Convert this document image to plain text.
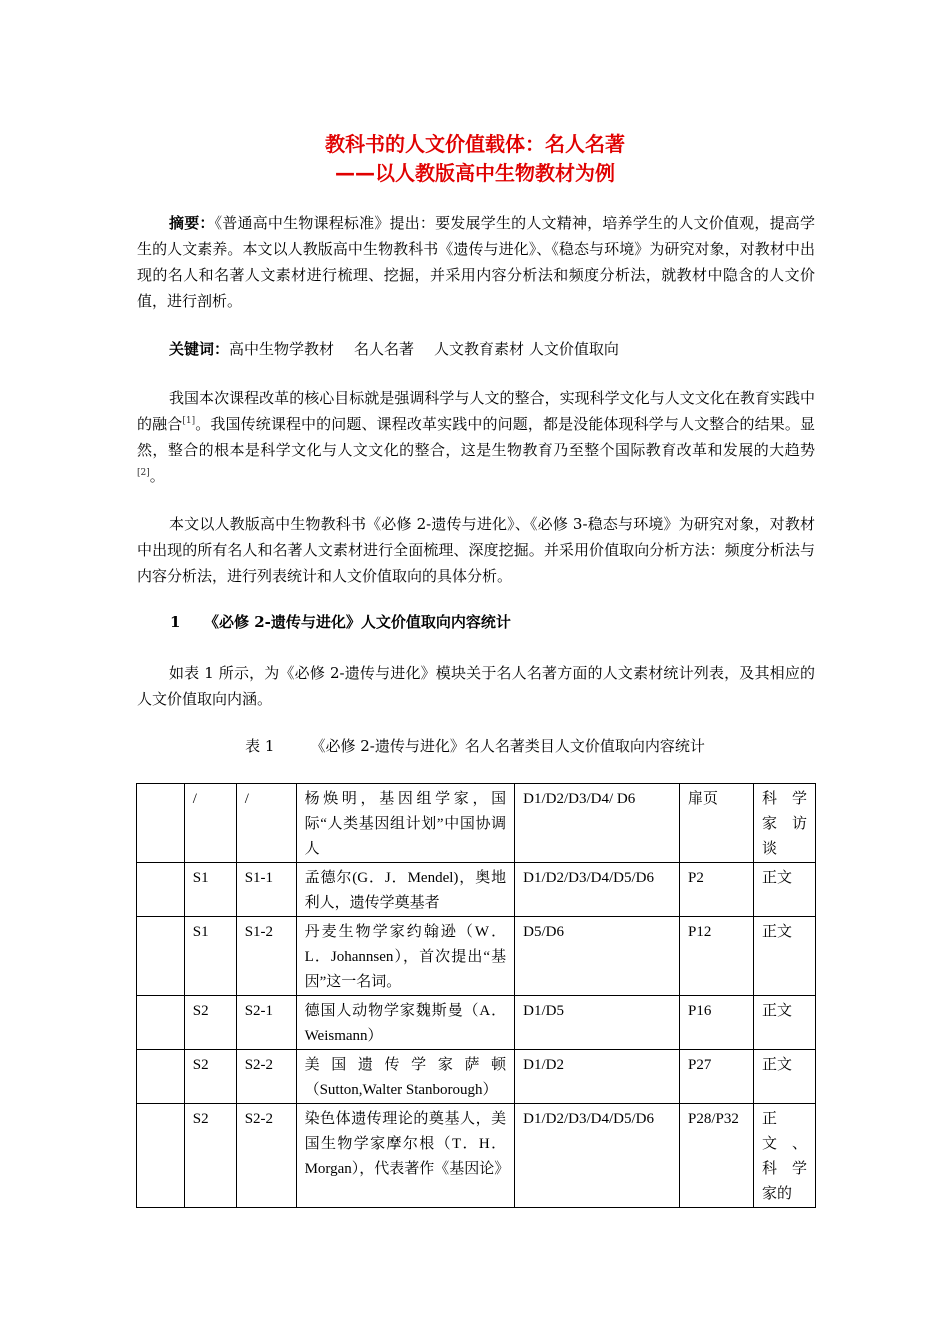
教科书的人文价值载体：名人名著
——以人教版高中生物教材为例
摘要：《普通高中生物课程标准》提出：要发展学生的人文精神，培养学生的人文价值观，提高学生的人文素养。本文以人教版高中生物教科书《遗传与进化》、《稳态与环境》为研究对象，对教材中出现的名人和名著人文素材进行梳理、挖掘，并采用内容分析法和频度分析法，就教材中隐含的人文价值，进行剖析。
关键词：高中生物学教材 名人名著 人文教育素材 人文价值取向
我国本次课程改革的核心目标就是强调科学与人文的整合，实现科学文化与人文文化在教育实践中的融合[1]。我国传统课程中的问题、课程改革实践中的问题，都是没能体现科学与人文整合的结果。显然，整合的根本是科学文化与人文文化的整合，这是生物教育乃至整个国际教育改革和发展的大趋势[2]。
本文以人教版高中生物教科书《必修 2-遗传与进化》、《必修 3-稳态与环境》为研究对象，对教材中出现的所有名人和名著人文素材进行全面梳理、深度挖掘。并采用价值取向分析方法：频度分析法与内容分析法，进行列表统计和人文价值取向的具体分析。
1 《必修 2-遗传与进化》人文价值取向内容统计
如表 1 所示，为《必修 2-遗传与进化》模块关于名人名著方面的人文素材统计列表，及其相应的人文价值取向内涵。
表 1 《必修 2-遗传与进化》名人名著类目人文价值取向内容统计
	/	/	杨焕明，基因组学家，国际“人类基因组计划”中国协调人	D1/D2/D3/D4/ D6	扉页	科学家访谈
	S1	S1-1	孟德尔(G．J．Mendel)，奥地利人，遗传学奠基者	D1/D2/D3/D4/D5/D6	P2	正文
	S1	S1-2	丹麦生物学家约翰逊（W．L．Johannsen），首次提出“基因”这一名词。	D5/D6	P12	正文
	S2	S2-1	德国人动物学家魏斯曼（A．Weismann）	D1/D5	P16	正文
	S2	S2-2	美国遗传学家萨顿（Sutton,Walter Stanborough）	D1/D2	P27	正文
	S2	S2-2	染色体遗传理论的奠基人，美国生物学家摩尔根（T．H．Morgan），代表著作《基因论》	D1/D2/D3/D4/D5/D6	P28/P32	正文、科学家的
